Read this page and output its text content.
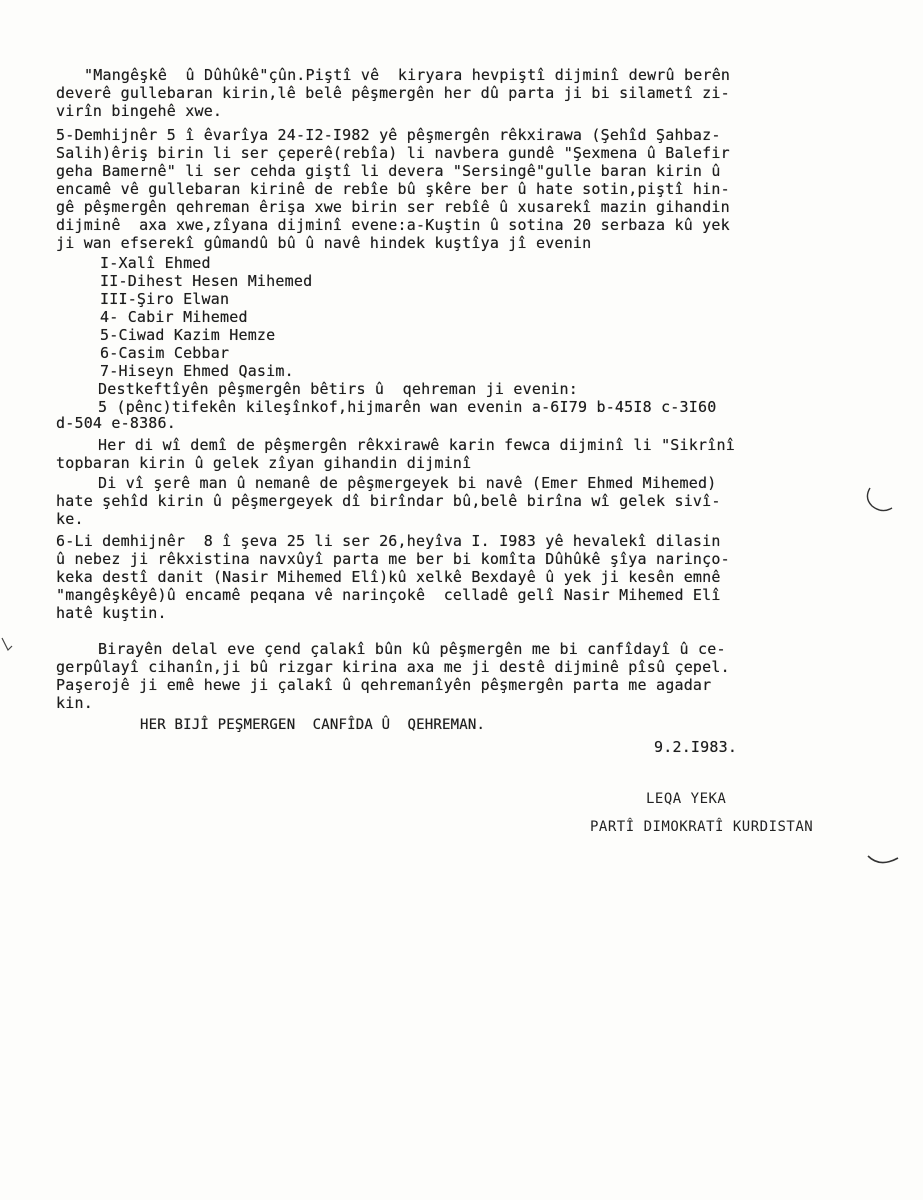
"Mangêşkê  û Dûhûkê"çûn.Piştî vê  kiryara hevpiştî dijminî dewrû berên
deverê gullebaran kirin,lê belê pêşmergên her dû parta ji bi silametî zi-
virîn bingehê xwe.
5-Demhijnêr 5 î êvarîya 24-I2-I982 yê pêşmergên rêkxirawa (Şehîd Şahbaz-
Salih)êriş birin li ser çeperê(rebîa) li navbera gundê "Şexmena û Balefir
geha Bamernê" li ser cehda giştî li devera "Sersingê"gulle baran kirin û
encamê vê gullebaran kirinê de rebîe bû şkêre ber û hate sotin,piştî hin-
gê pêşmergên qehreman êrişa xwe birin ser rebîê û xusarekî mazin gihandin
dijminê  axa xwe,zîyana dijminî evene:a-Kuştin û sotina 20 serbaza kû yek
ji wan efserekî gûmandû bû û navê hindek kuştîya jî evenin
I-Xalî Ehmed
II-Dihest Hesen Mihemed
III-Şiro Elwan
4- Cabir Mihemed
5-Ciwad Kazim Hemze
6-Casim Cebbar
7-Hiseyn Ehmed Qasim.
Destkeftîyên pêşmergên bêtirs û  qehreman ji evenin:
5 (pênc)tifekên kileşînkof,hijmarên wan evenin a-6I79 b-45I8 c-3I60
d-504 e-8386.
Her di wî demî de pêşmergên rêkxirawê karin fewca dijminî li "Sikrînî
topbaran kirin û gelek zîyan gihandin dijminî
Di vî şerê man û nemanê de pêşmergeyek bi navê (Emer Ehmed Mihemed)
hate şehîd kirin û pêşmergeyek dî birîndar bû,belê birîna wî gelek sivî-
ke.
6-Li demhijnêr  8 î şeva 25 li ser 26,heyîva I. I983 yê hevalekî dilasin
û nebez ji rêkxistina navxûyî parta me ber bi komîta Dûhûkê şîya narinço-
keka destî danit (Nasir Mihemed Elî)kû xelkê Bexdayê û yek ji kesên emnê
"mangêşkêyê)û encamê peqana vê narinçokê  celladê gelî Nasir Mihemed Elî
hatê kuştin.
Birayên delal eve çend çalakî bûn kû pêşmergên me bi canfîdayî û ce-
gerpûlayî cihanîn,ji bû rizgar kirina axa me ji destê dijminê pîsû çepel.
Paşerojê ji emê hewe ji çalakî û qehremanîyên pêşmergên parta me agadar
kin.
HER BIJÎ PEŞMERGEN  CANFÎDA Û  QEHREMAN.
9.2.I983.
LEQA YEKA
PARTÎ DIMOKRATÎ KURDISTAN
